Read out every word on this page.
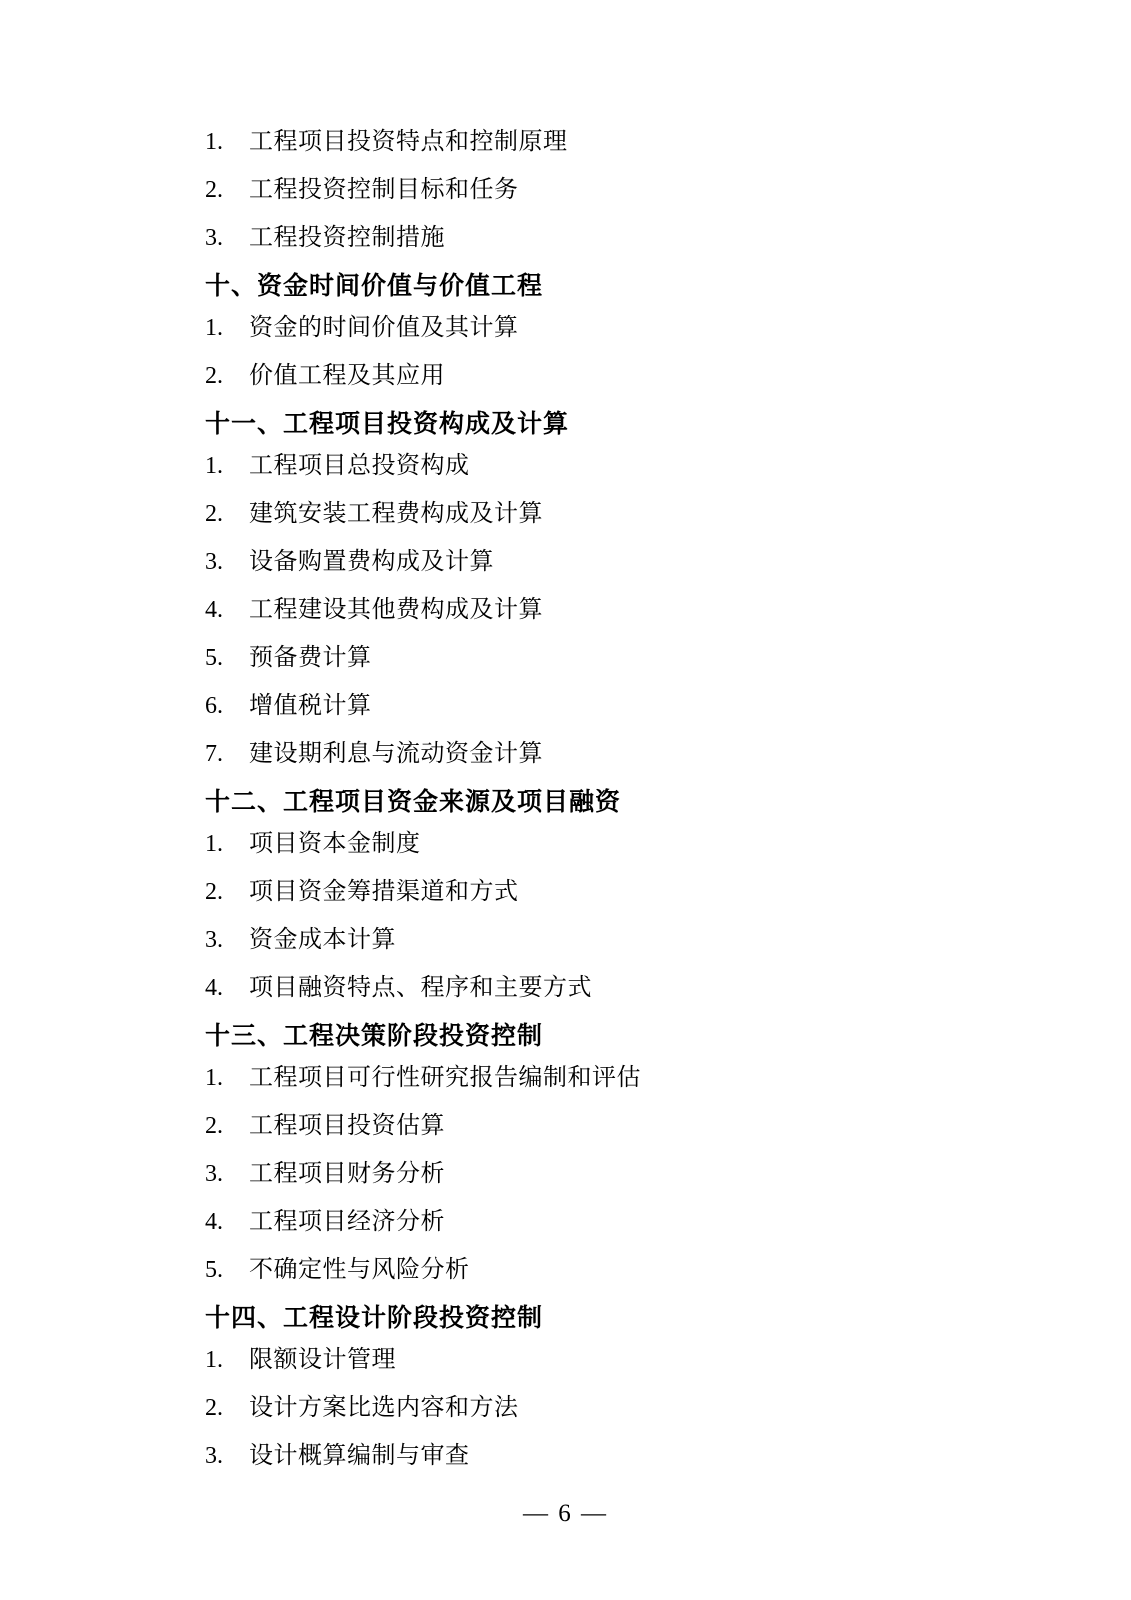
1.	工程项目投资特点和控制原理
2.	工程投资控制目标和任务
3.	工程投资控制措施
十、资金时间价值与价值工程
1.	资金的时间价值及其计算
2.	价值工程及其应用
十一、工程项目投资构成及计算
1.	工程项目总投资构成
2.	建筑安装工程费构成及计算
3.	设备购置费构成及计算
4.	工程建设其他费构成及计算
5.	预备费计算
6.	增值税计算
7.	建设期利息与流动资金计算
十二、工程项目资金来源及项目融资
1.	项目资本金制度
2.	项目资金筹措渠道和方式
3.	资金成本计算
4.	项目融资特点、程序和主要方式
十三、工程决策阶段投资控制
1.	工程项目可行性研究报告编制和评估
2.	工程项目投资估算
3.	工程项目财务分析
4.	工程项目经济分析
5.	不确定性与风险分析
十四、工程设计阶段投资控制
1.	限额设计管理
2.	设计方案比选内容和方法
3.	设计概算编制与审查
— 6 —
